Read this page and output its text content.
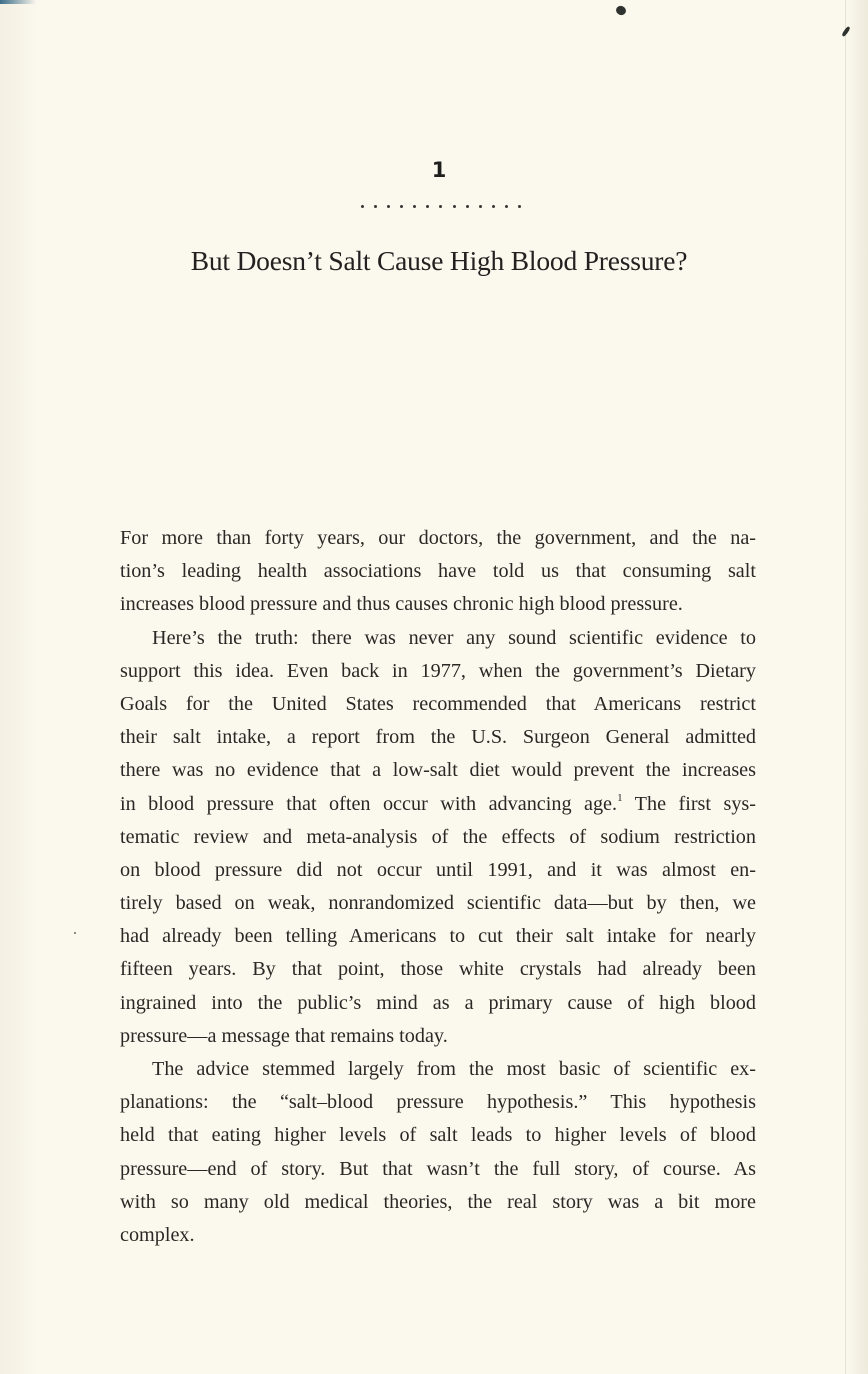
1
But Doesn’t Salt Cause High Blood Pressure?
For more than forty years, our doctors, the government, and the na-
tion’s leading health associations have told us that consuming salt
increases blood pressure and thus causes chronic high blood pressure.
Here’s the truth: there was never any sound scientific evidence to
support this idea. Even back in 1977, when the government’s Dietary
Goals for the United States recommended that Americans restrict
their salt intake, a report from the U.S. Surgeon General admitted
there was no evidence that a low-salt diet would prevent the increases
in blood pressure that often occur with advancing age.$^1$ The first sys-
tematic review and meta-analysis of the effects of sodium restriction
on blood pressure did not occur until 1991, and it was almost en-
tirely based on weak, nonrandomized scientific data—but by then, we
had already been telling Americans to cut their salt intake for nearly
fifteen years. By that point, those white crystals had already been
ingrained into the public’s mind as a primary cause of high blood
pressure—a message that remains today.
The advice stemmed largely from the most basic of scientific ex-
planations: the “salt–blood pressure hypothesis.” This hypothesis
held that eating higher levels of salt leads to higher levels of blood
pressure—end of story. But that wasn’t the full story, of course. As
with so many old medical theories, the real story was a bit more
complex.
